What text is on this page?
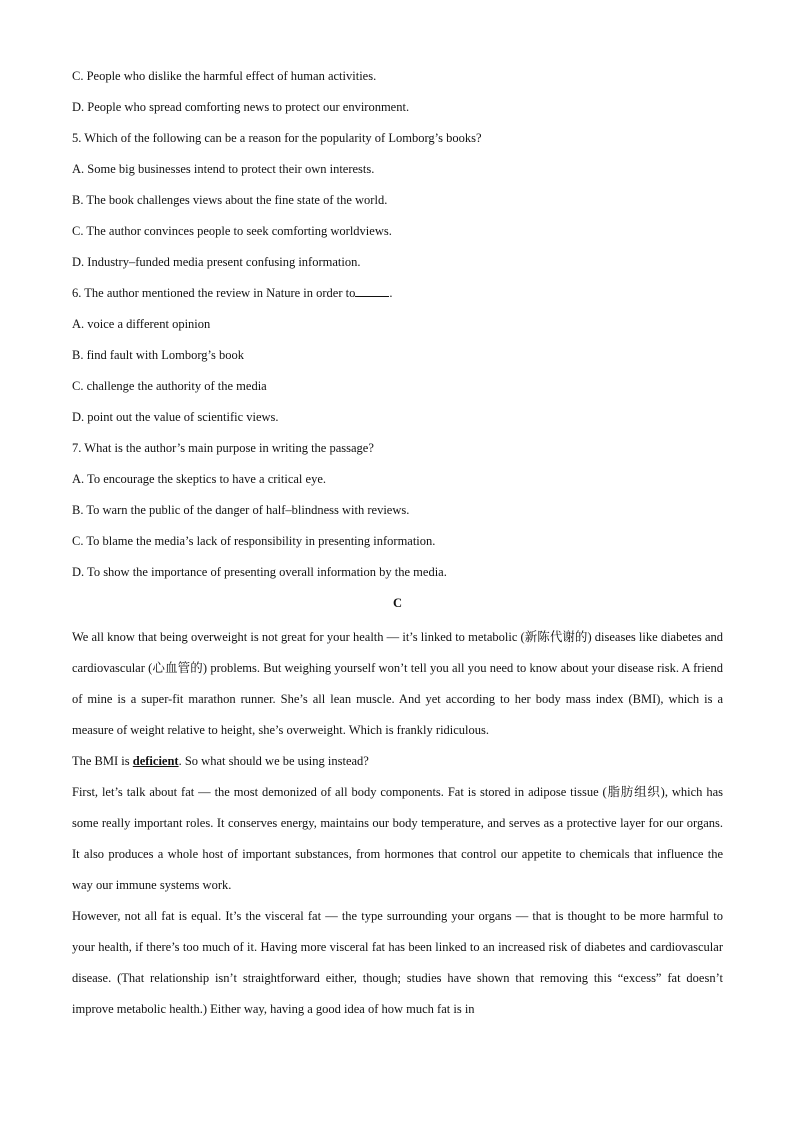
C. People who dislike the harmful effect of human activities.
D. People who spread comforting news to protect our environment.
5. Which of the following can be a reason for the popularity of Lomborg’s books?
A. Some big businesses intend to protect their own interests.
B. The book challenges views about the fine state of the world.
C. The author convinces people to seek comforting worldviews.
D. Industry–funded media present confusing information.
6. The author mentioned the review in Nature in order to	.
A. voice a different opinion
B. find fault with Lomborg’s book
C. challenge the authority of the media
D. point out the value of scientific views.
7. What is the author’s main purpose in writing the passage?
A. To encourage the skeptics to have a critical eye.
B. To warn the public of the danger of half–blindness with reviews.
C. To blame the media’s lack of responsibility in presenting information.
D. To show the importance of presenting overall information by the media.
C

We all know that being overweight is not great for your health — it’s linked to metabolic (新陈代谢的) diseases like diabetes and cardiovascular (心血管的) problems. But weighing yourself won’t tell you all you need to know about your disease risk. A friend of mine is a super-fit marathon runner. She’s all lean muscle. And yet according to her body mass index (BMI), which is a measure of weight relative to height, she’s overweight. Which is frankly ridiculous.
The BMI is deficient. So what should we be using instead?

First, let’s talk about fat — the most demonized of all body components. Fat is stored in adipose tissue (脂肪组织), which has some really important roles. It conserves energy, maintains our body temperature, and serves as a protective layer for our organs. It also produces a whole host of important substances, from hormones that control our appetite to chemicals that influence the way our immune systems work.

However, not all fat is equal. It’s the visceral fat — the type surrounding your organs — that is thought to be more harmful to your health, if there’s too much of it. Having more visceral fat has been linked to an increased risk of diabetes and cardiovascular disease. (That relationship isn’t straightforward either, though; studies have shown that removing this “excess” fat doesn’t improve metabolic health.) Either way, having a good idea of how much fat is in
